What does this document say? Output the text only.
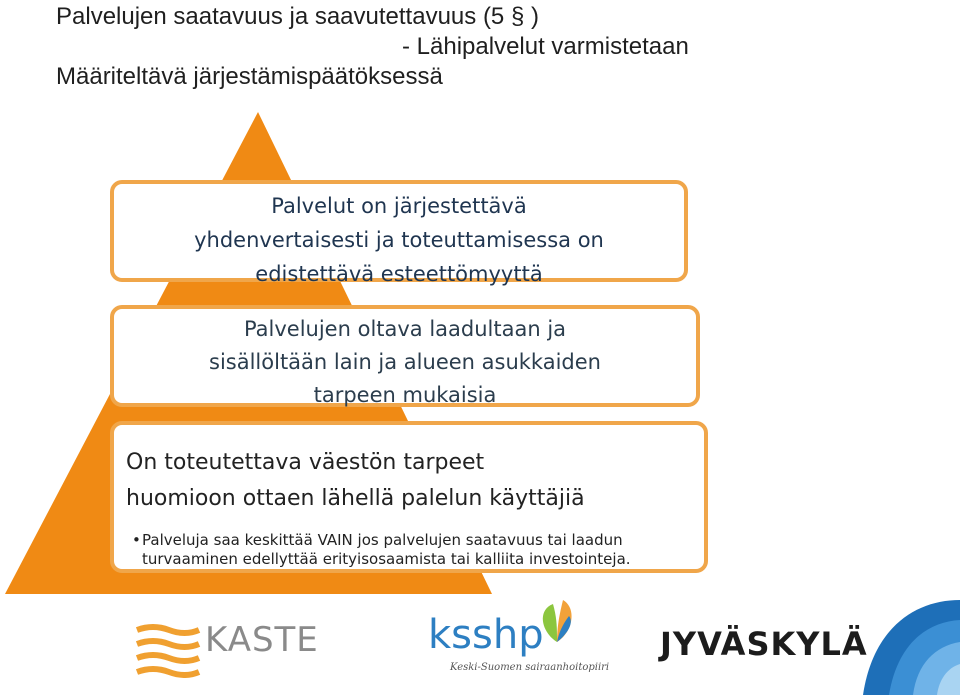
Palvelujen saatavuus ja saavutettavuus (5 § )
- Lähipalvelut varmistetaan
Määriteltävä järjestämispäätöksessä
Palvelut on järjestettävä
yhdenvertaisesti ja toteuttamisessa on
edistettävä esteettömyyttä
Palvelujen oltava laadultaan ja
sisällöltään lain ja alueen asukkaiden
tarpeen mukaisia
On toteutettava väestön tarpeet
huomioon ottaen lähellä palelun käyttäjiä
•Palveluja saa keskittää VAIN jos palvelujen saatavuus tai laadun
turvaaminen edellyttää erityisosaamista tai kalliita investointeja.
KASTE	ksshp
Keski-Suomen sairaanhoitopiiri
JYVÄSKYLÄ
